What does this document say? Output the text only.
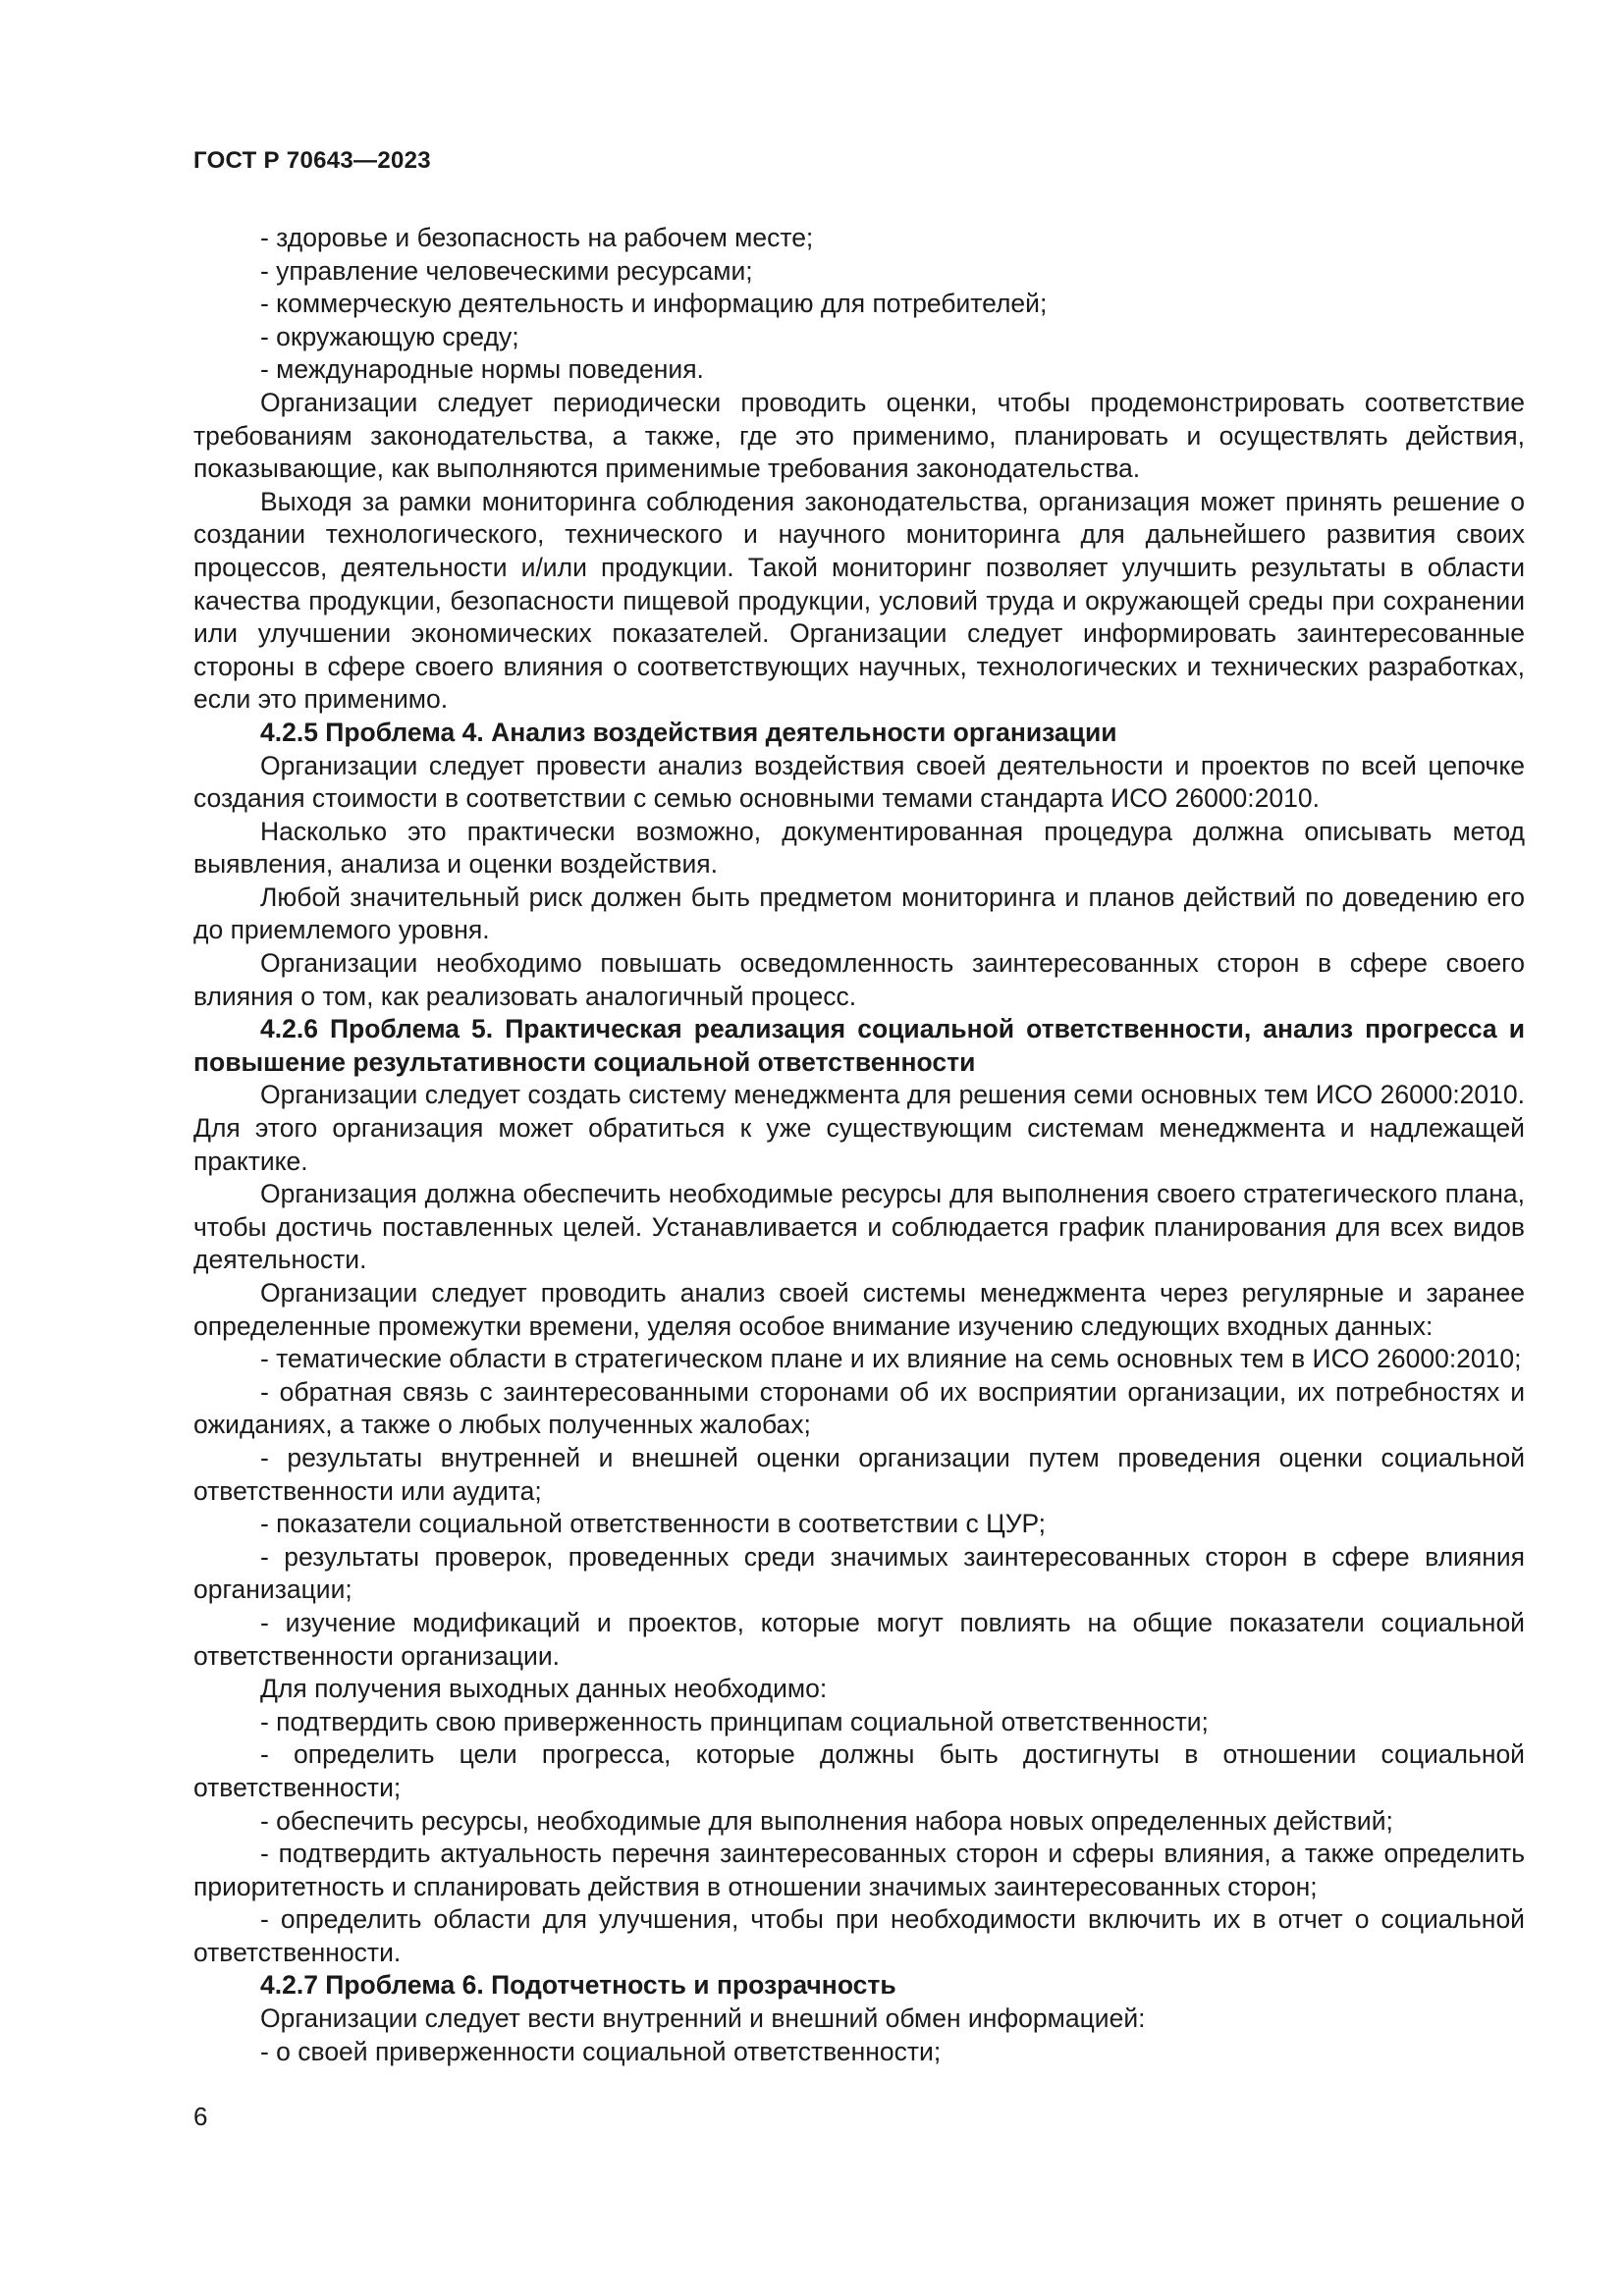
ГОСТ Р 70643—2023

- здоровье и безопасность на рабочем месте;

- управление человеческими ресурсами;

- коммерческую деятельность и информацию для потребителей;

- окружающую среду;

- международные нормы поведения.

Организации следует периодически проводить оценки, чтобы продемонстрировать соответствие требованиям законодательства, а также, где это применимо, планировать и осуществлять действия, показывающие, как выполняются применимые требования законодательства.

Выходя за рамки мониторинга соблюдения законодательства, организация может принять решение о создании технологического, технического и научного мониторинга для дальнейшего развития своих процессов, деятельности и/или продукции. Такой мониторинг позволяет улучшить результаты в области качества продукции, безопасности пищевой продукции, условий труда и окружающей среды при сохранении или улучшении экономических показателей. Организации следует информировать заинтересованные стороны в сфере своего влияния о соответствующих научных, технологических и технических разработках, если это применимо.

4.2.5 Проблема 4. Анализ воздействия деятельности организации

Организации следует провести анализ воздействия своей деятельности и проектов по всей цепочке создания стоимости в соответствии с семью основными темами стандарта ИСО 26000:2010.

Насколько это практически возможно, документированная процедура должна описывать метод выявления, анализа и оценки воздействия.

Любой значительный риск должен быть предметом мониторинга и планов действий по доведению его до приемлемого уровня.

Организации необходимо повышать осведомленность заинтересованных сторон в сфере своего влияния о том, как реализовать аналогичный процесс.

4.2.6 Проблема 5. Практическая реализация социальной ответственности, анализ прогресса и повышение результативности социальной ответственности

Организации следует создать систему менеджмента для решения семи основных тем ИСО 26000:2010. Для этого организация может обратиться к уже существующим системам менеджмента и надлежащей практике.

Организация должна обеспечить необходимые ресурсы для выполнения своего стратегического плана, чтобы достичь поставленных целей. Устанавливается и соблюдается график планирования для всех видов деятельности.

Организации следует проводить анализ своей системы менеджмента через регулярные и заранее определенные промежутки времени, уделяя особое внимание изучению следующих входных данных:

- тематические области в стратегическом плане и их влияние на семь основных тем в ИСО 26000:2010;

- обратная связь с заинтересованными сторонами об их восприятии организации, их потребностях и ожиданиях, а также о любых полученных жалобах;

- результаты внутренней и внешней оценки организации путем проведения оценки социальной ответственности или аудита;

- показатели социальной ответственности в соответствии с ЦУР;

- результаты проверок, проведенных среди значимых заинтересованных сторон в сфере влияния организации;

- изучение модификаций и проектов, которые могут повлиять на общие показатели социальной ответственности организации.

Для получения выходных данных необходимо:

- подтвердить свою приверженность принципам социальной ответственности;

- определить цели прогресса, которые должны быть достигнуты в отношении социальной ответственности;

- обеспечить ресурсы, необходимые для выполнения набора новых определенных действий;

- подтвердить актуальность перечня заинтересованных сторон и сферы влияния, а также определить приоритетность и спланировать действия в отношении значимых заинтересованных сторон;

- определить области для улучшения, чтобы при необходимости включить их в отчет о социальной ответственности.

4.2.7 Проблема 6. Подотчетность и прозрачность

Организации следует вести внутренний и внешний обмен информацией:

- о своей приверженности социальной ответственности;

6
